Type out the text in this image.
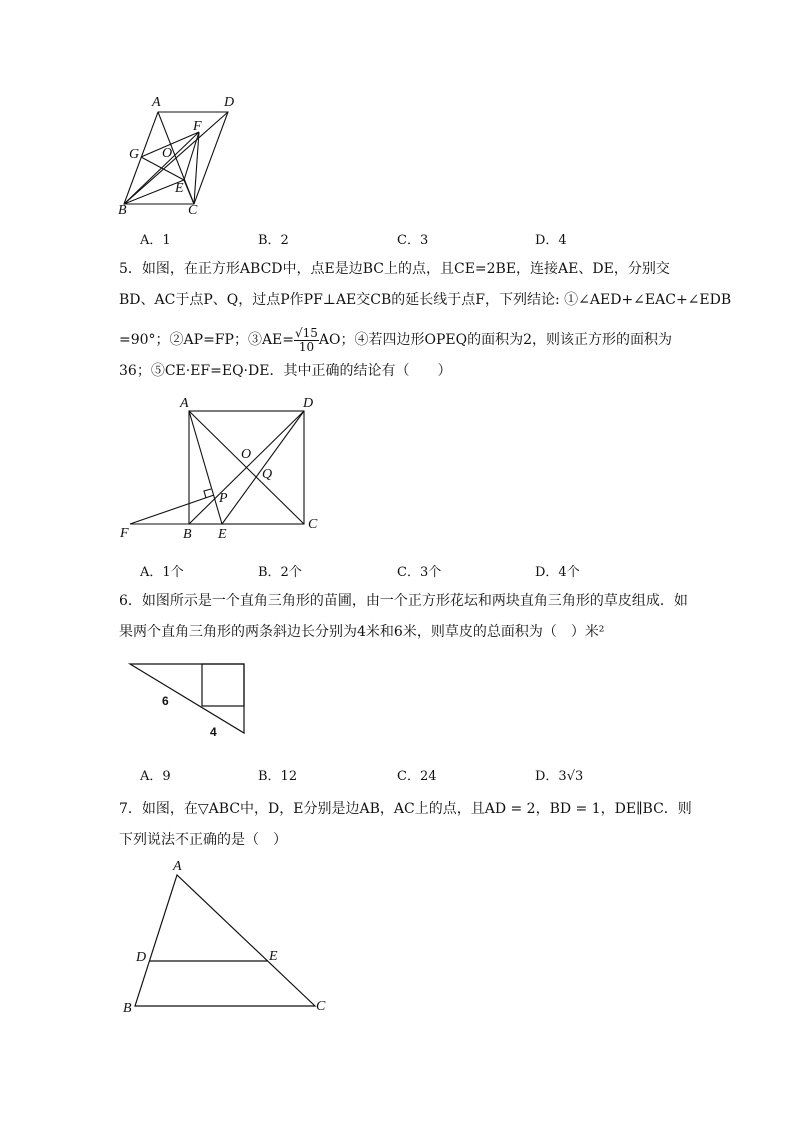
A	D
F
G O
E
B	C
A．1	B．2	C．3	D．4
5．如图，在正方形ABCD中，点E是边BC上的点，且CE=2BE，连接AE、DE，分别交
BD、AC于点P、Q，过点P作PF⊥AE交CB的延长线于点F，下列结论: ①∠AED+∠EAC+∠EDB
=90°；②AP=FP；③AE= $\frac{√15}{10}$ AO；④若四边形OPEQ的面积为2，则该正方形的面积为
36；⑤CE·EF=EQ·DE．其中正确的结论有（　　）
A	D
O
Q
P
F	B E
C
A．1个	B．2个	C．3个	D．4个
6．如图所示是一个直角三角形的苗圃，由一个正方形花坛和两块直角三角形的草皮组成．如
果两个直角三角形的两条斜边长分别为4米和6米，则草皮的总面积为（　）米²
6
4
A．9	B．12	C．24	D．3√3
7．如图，在▽ABC中，D，E分别是边AB，AC上的点，且AD = 2，BD = 1，DE∥BC．则
下列说法不正确的是（　）
A
D	E
B	C
